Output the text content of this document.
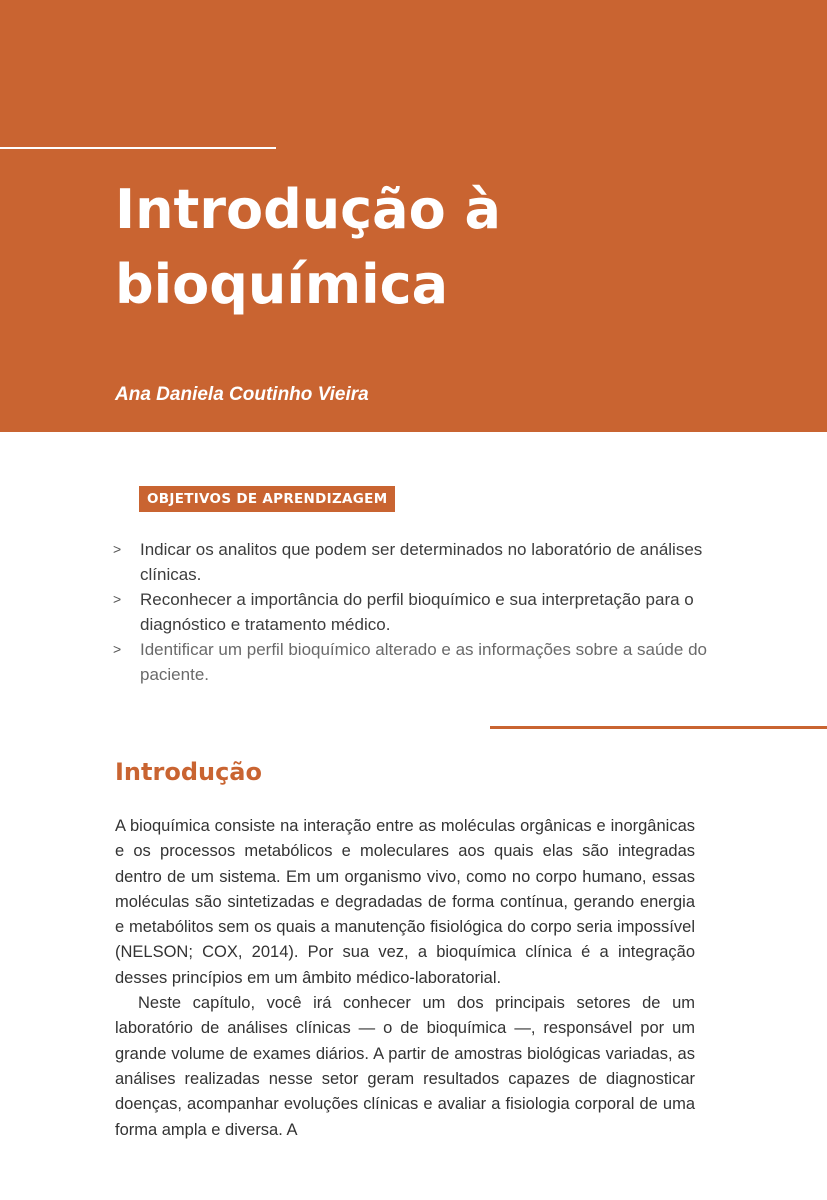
Introdução à
bioquímica
Ana Daniela Coutinho Vieira
OBJETIVOS DE APRENDIZAGEM
> Indicar os analitos que podem ser determinados no laboratório de análises clínicas.
> Reconhecer a importância do perfil bioquímico e sua interpretação para o diagnóstico e tratamento médico.
> Identificar um perfil bioquímico alterado e as informações sobre a saúde do paciente.
Introdução

A bioquímica consiste na interação entre as moléculas orgânicas e inorgânicas e os processos metabólicos e moleculares aos quais elas são integradas dentro de um sistema. Em um organismo vivo, como no corpo humano, essas moléculas são sintetizadas e degradadas de forma contínua, gerando energia e metabólitos sem os quais a manutenção fisiológica do corpo seria impossível (NELSON; COX, 2014). Por sua vez, a bioquímica clínica é a integração desses princípios em um âmbito médico-laboratorial.

Neste capítulo, você irá conhecer um dos principais setores de um laboratório de análises clínicas — o de bioquímica —, responsável por um grande volume de exames diários. A partir de amostras biológicas variadas, as análises realizadas nesse setor geram resultados capazes de diagnosticar doenças, acompanhar evoluções clínicas e avaliar a fisiologia corporal de uma forma ampla e diversa. A
